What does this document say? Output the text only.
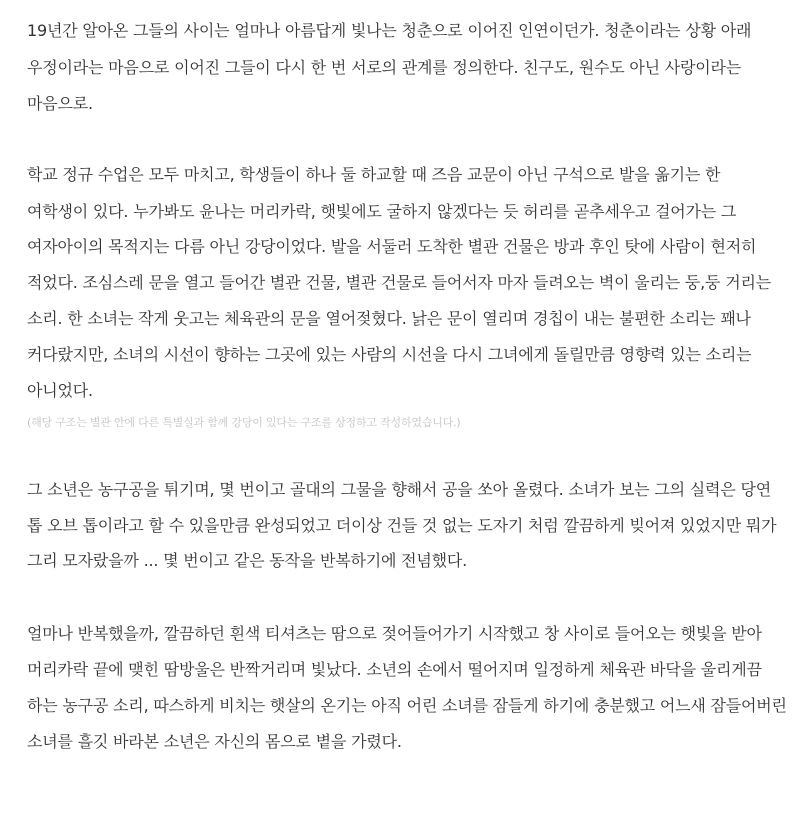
19년간 알아온 그들의 사이는 얼마나 아름답게 빛나는 청춘으로 이어진 인연이던가. 청춘이라는 상황 아래
우정이라는 마음으로 이어진 그들이 다시 한 번 서로의 관계를 정의한다. 친구도, 원수도 아닌 사랑이라는
마음으로.
학교 정규 수업은 모두 마치고, 학생들이 하나 둘 하교할 때 즈음 교문이 아닌 구석으로 발을 옮기는 한
여학생이 있다. 누가봐도 윤나는 머리카락, 햇빛에도 굴하지 않겠다는 듯 허리를 곧추세우고 걸어가는 그
여자아이의 목적지는 다름 아닌 강당이었다. 발을 서둘러 도착한 별관 건물은 방과 후인 탓에 사람이 현저히
적었다. 조심스레 문을 열고 들어간 별관 건물, 별관 건물로 들어서자 마자 들려오는 벽이 울리는 둥,둥 거리는
소리. 한 소녀는 작게 웃고는 체육관의 문을 열어젖혔다. 낡은 문이 열리며 경칩이 내는 불편한 소리는 꽤나
커다랐지만, 소녀의 시선이 향하는 그곳에 있는 사람의 시선을 다시 그녀에게 돌릴만큼 영향력 있는 소리는
아니었다.
(해당 구조는 별관 안에 다른 특별실과 함께 강당이 있다는 구조를 상정하고 작성하였습니다.)
그 소년은 농구공을 튀기며, 몇 번이고 골대의 그물을 향해서 공을 쏘아 올렸다. 소녀가 보는 그의 실력은 당연
톱 오브 톱이라고 할 수 있을만큼 완성되었고 더이상 건들 것 없는 도자기 처럼 깔끔하게 빚어져 있었지만 뭐가
그리 모자랐을까 ... 몇 번이고 같은 동작을 반복하기에 전념했다.
얼마나 반복했을까, 깔끔하던 흰색 티셔츠는 땀으로 젖어들어가기 시작했고 창 사이로 들어오는 햇빛을 받아
머리카락 끝에 맺힌 땀방울은 반짝거리며 빛났다. 소년의 손에서 떨어지며 일정하게 체육관 바닥을 울리게끔
하는 농구공 소리, 따스하게 비치는 햇살의 온기는 아직 어린 소녀를 잠들게 하기에 충분했고 어느새 잠들어버린
소녀를 흘깃 바라본 소년은 자신의 몸으로 볕을 가렸다.
